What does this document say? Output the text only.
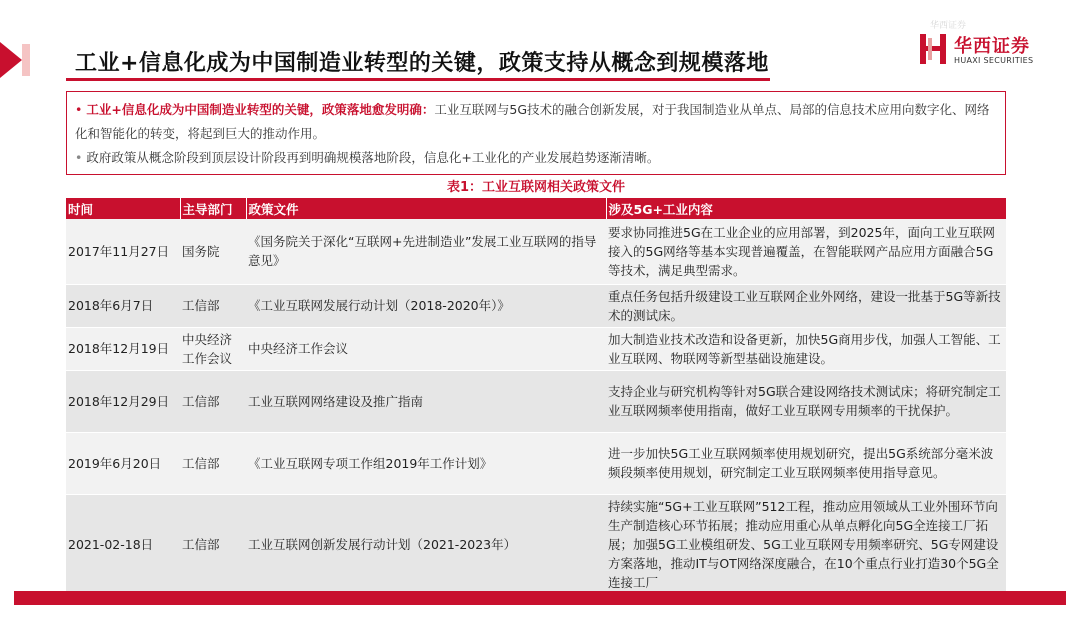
工业+信息化成为中国制造业转型的关键，政策支持从概念到规模落地
华西证券
华西证券
HUAXI SECURITIES
• 工业+信息化成为中国制造业转型的关键，政策落地愈发明确：工业互联网与5G技术的融合创新发展，对于我国制造业从单点、局部的信息技术应用向数字化、网络化和智能化的转变，将起到巨大的推动作用。
• 政府政策从概念阶段到顶层设计阶段再到明确规模落地阶段，信息化+工业化的产业发展趋势逐渐清晰。
表1：工业互联网相关政策文件
时间	主导部门	政策文件	涉及5G+工业内容
2017年11月27日	国务院	《国务院关于深化“互联网+先进制造业”发展工业互联网的指导意见》	要求协同推进5G在工业企业的应用部署，到2025年，面向工业互联网接入的5G网络等基本实现普遍覆盖，在智能联网产品应用方面融合5G等技术，满足典型需求。
2018年6月7日	工信部	《工业互联网发展行动计划（2018-2020年）》	重点任务包括升级建设工业互联网企业外网络，建设一批基于5G等新技术的测试床。
2018年12月19日	中央经济工作会议	中央经济工作会议	加大制造业技术改造和设备更新，加快5G商用步伐，加强人工智能、工业互联网、物联网等新型基础设施建设。
2018年12月29日	工信部	工业互联网网络建设及推广指南	支持企业与研究机构等针对5G联合建设网络技术测试床；将研究制定工业互联网频率使用指南，做好工业互联网专用频率的干扰保护。
2019年6月20日	工信部	《工业互联网专项工作组2019年工作计划》	进一步加快5G工业互联网频率使用规划研究，提出5G系统部分毫米波频段频率使用规划，研究制定工业互联网频率使用指导意见。
2021-02-18日	工信部	工业互联网创新发展行动计划（2021-2023年）	持续实施“5G+工业互联网”512工程，推动应用领域从工业外围环节向生产制造核心环节拓展；推动应用重心从单点孵化向5G全连接工厂拓展；加强5G工业模组研发、5G工业互联网专用频率研究、5G专网建设方案落地，推动IT与OT网络深度融合，在10个重点行业打造30个5G全连接工厂
